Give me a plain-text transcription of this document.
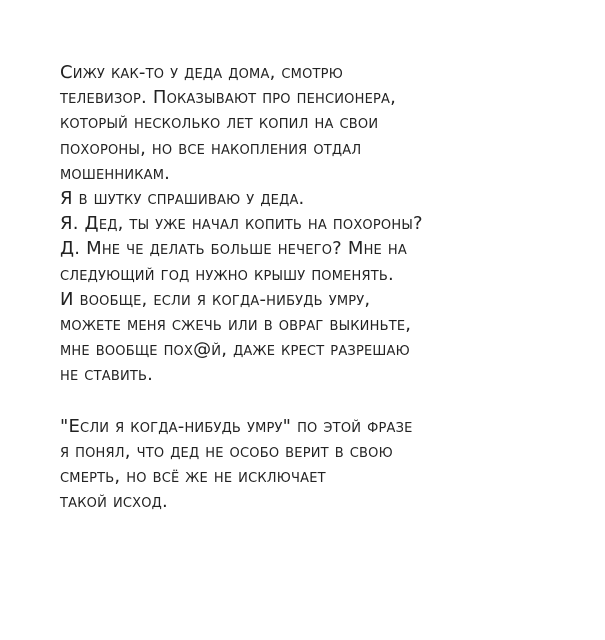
Сижу как-то у деда дома, смотрю
телевизор. Показывают про пенсионера,
который несколько лет копил на свои
похороны, но все накопления отдал
мошенникам.
Я в шутку спрашиваю у деда.
Я. Дед, ты уже начал копить на похороны?
Д. Мне че делать больше нечего? Мне на
следующий год нужно крышу поменять.
И вообще, если я когда-нибудь умру,
можете меня сжечь или в овраг выкиньте,
мне вообще пох@й, даже крест разрешаю
не ставить.
"Если я когда-нибудь умру" по этой фразе
я понял, что дед не особо верит в свою
смерть, но всё же не исключает
такой исход.
